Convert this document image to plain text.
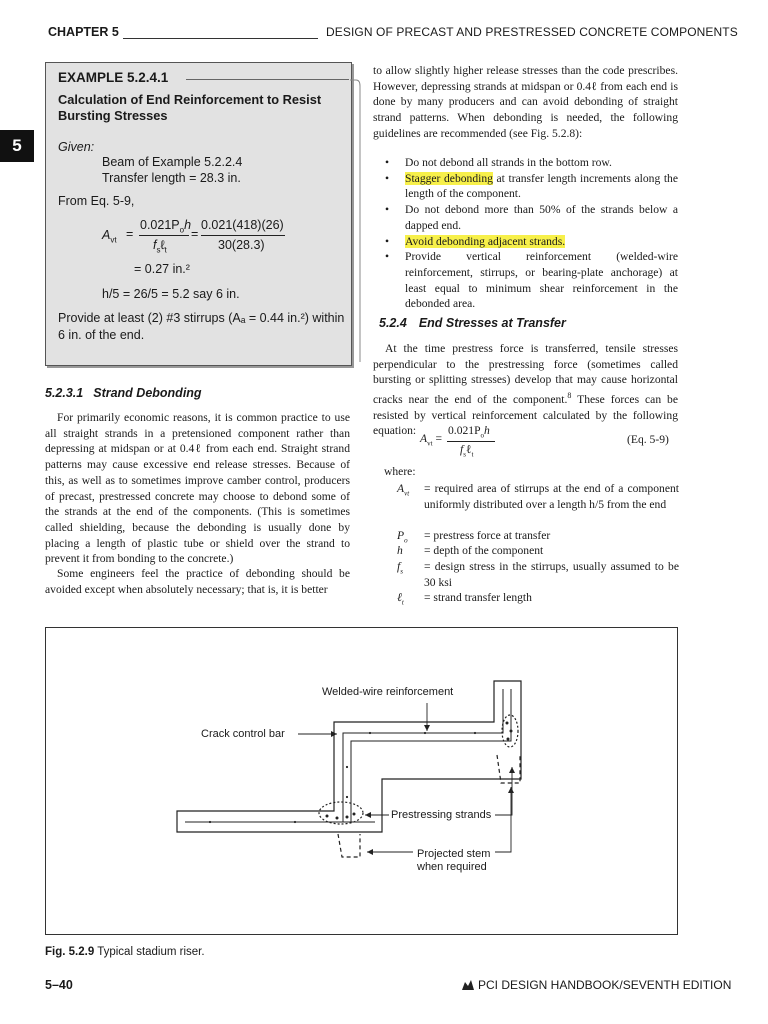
CHAPTER 5	DESIGN OF PRECAST AND PRESTRESSED CONCRETE COMPONENTS
5
EXAMPLE 5.2.4.1
Calculation of End Reinforcement to Resist Bursting Stresses
Given:
Beam of Example 5.2.2.4
Transfer length = 28.3 in.
From Eq. 5-9,
$A_{vt}$ =
$0.021P_oh$
$f_s\ell_t$
=
0.021(418)(26)
30(28.3)
= 0.27 in.²
h/5 = 26/5 = 5.2 say 6 in.
Provide at least (2) #3 stirrups (Aₐ = 0.44 in.²) within 6 in. of the end.
5.2.3.1 Strand Debonding
For primarily economic reasons, it is common practice to use all straight strands in a pretensioned component rather than depressing at midspan or at 0.4ℓ from each end. Straight strand patterns may cause excessive end release stresses. Because of this, as well as to sometimes improve camber control, producers of precast, prestressed concrete may choose to debond some of the strands at the end of the components. (This is sometimes called shielding, because the debonding is usually done by placing a length of plastic tube or shield over the strand to prevent it from bonding to the concrete.)
Some engineers feel the practice of debonding should be avoided except when absolutely necessary; that is, it is better
to allow slightly higher release stresses than the code prescribes. However, depressing strands at midspan or 0.4ℓ from each end is done by many producers and can avoid debonding of straight strand patterns. When debonding is needed, the following guidelines are recommended (see Fig. 5.2.8):
• Do not debond all strands in the bottom row.
• Stagger debonding at transfer length increments along the length of the component.
• Do not debond more than 50% of the strands below a dapped end.
• Avoid debonding adjacent strands.
• Provide vertical reinforcement (welded-wire reinforcement, stirrups, or bearing-plate anchorage) at least equal to minimum shear reinforcement in the debonded area.
5.2.4 End Stresses at Transfer
At the time prestress force is transferred, tensile stresses perpendicular to the prestressing force (sometimes called bursting or splitting stresses) develop that may cause horizontal cracks near the end of the component.$^8$ These forces can be resisted by vertical reinforcement calculated by the following equation:
$A_{vt}$ =
$0.021P_oh$
$f_s\ell_t$
(Eq. 5-9)
where:
$A_{vt}$	= required area of stirrups at the end of a component uniformly distributed over a length h/5 from the end
$P_o$	= prestress force at transfer
h	= depth of the component
$f_s$	= design stress in the stirrups, usually assumed to be 30 ksi
ℓ$_t$	= strand transfer length
Welded-wire reinforcement
Crack control bar
Prestressing strands
Projected stem
when required
Fig. 5.2.9 Typical stadium riser.
5–40	PCI DESIGN HANDBOOK/SEVENTH EDITION
